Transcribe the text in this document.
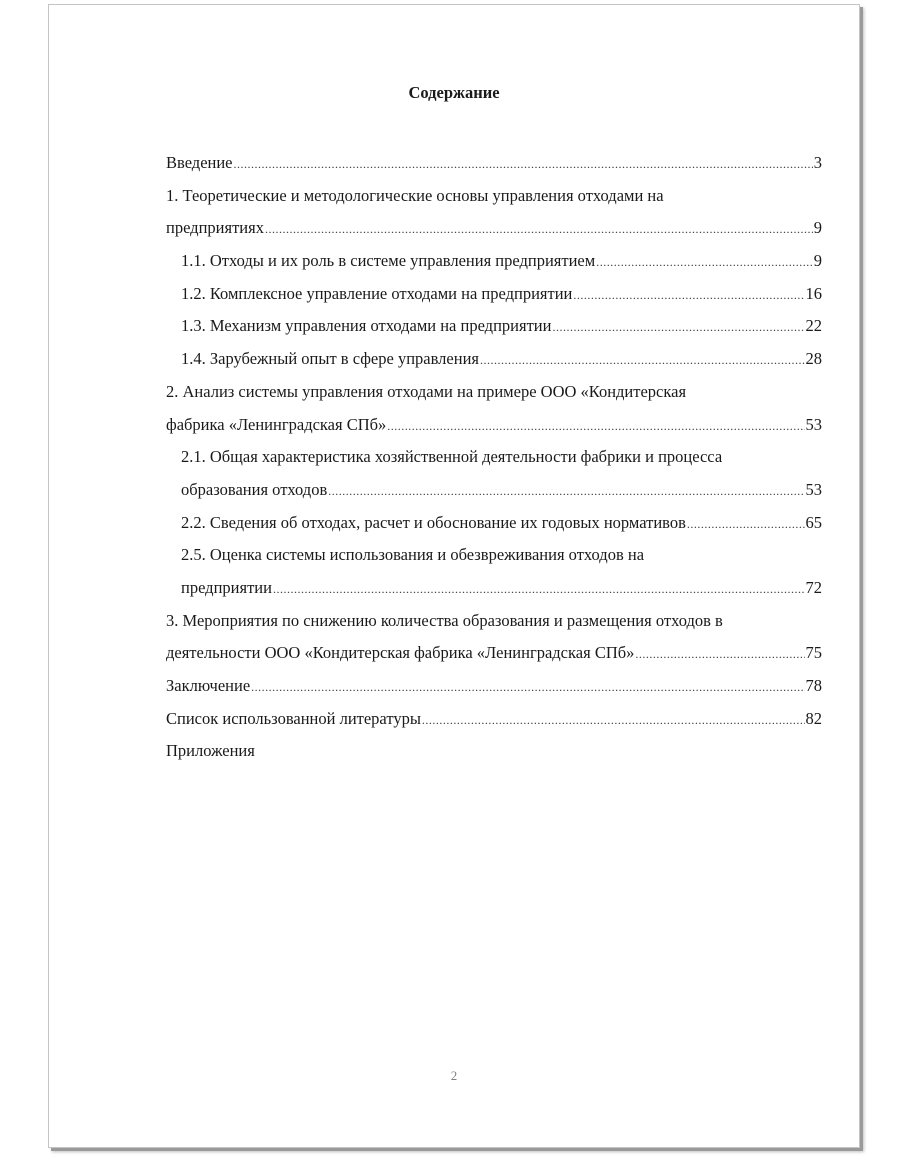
Содержание
Введение .....	3
1. Теоретические и методологические основы управления отходами на
предприятиях .....	9
1.1. Отходы и их роль в системе управления предприятием .....	9
1.2. Комплексное управление отходами на предприятии .....	16
1.3. Механизм управления отходами на предприятии .....	22
1.4. Зарубежный опыт в сфере управления .....	28
2. Анализ системы управления отходами на примере ООО «Кондитерская
фабрика «Ленинградская СПб» .....	53
2.1. Общая характеристика хозяйственной деятельности фабрики и процесса
образования отходов .....	53
2.2. Сведения об отходах, расчет и обоснование их годовых нормативов .....	65
2.5. Оценка системы использования и обезвреживания отходов на
предприятии .....	72
3. Мероприятия по снижению количества образования и размещения отходов в
деятельности ООО «Кондитерская фабрика «Ленинградская СПб» .....	75
Заключение .....	78
Список использованной литературы .....	82
Приложения
2
